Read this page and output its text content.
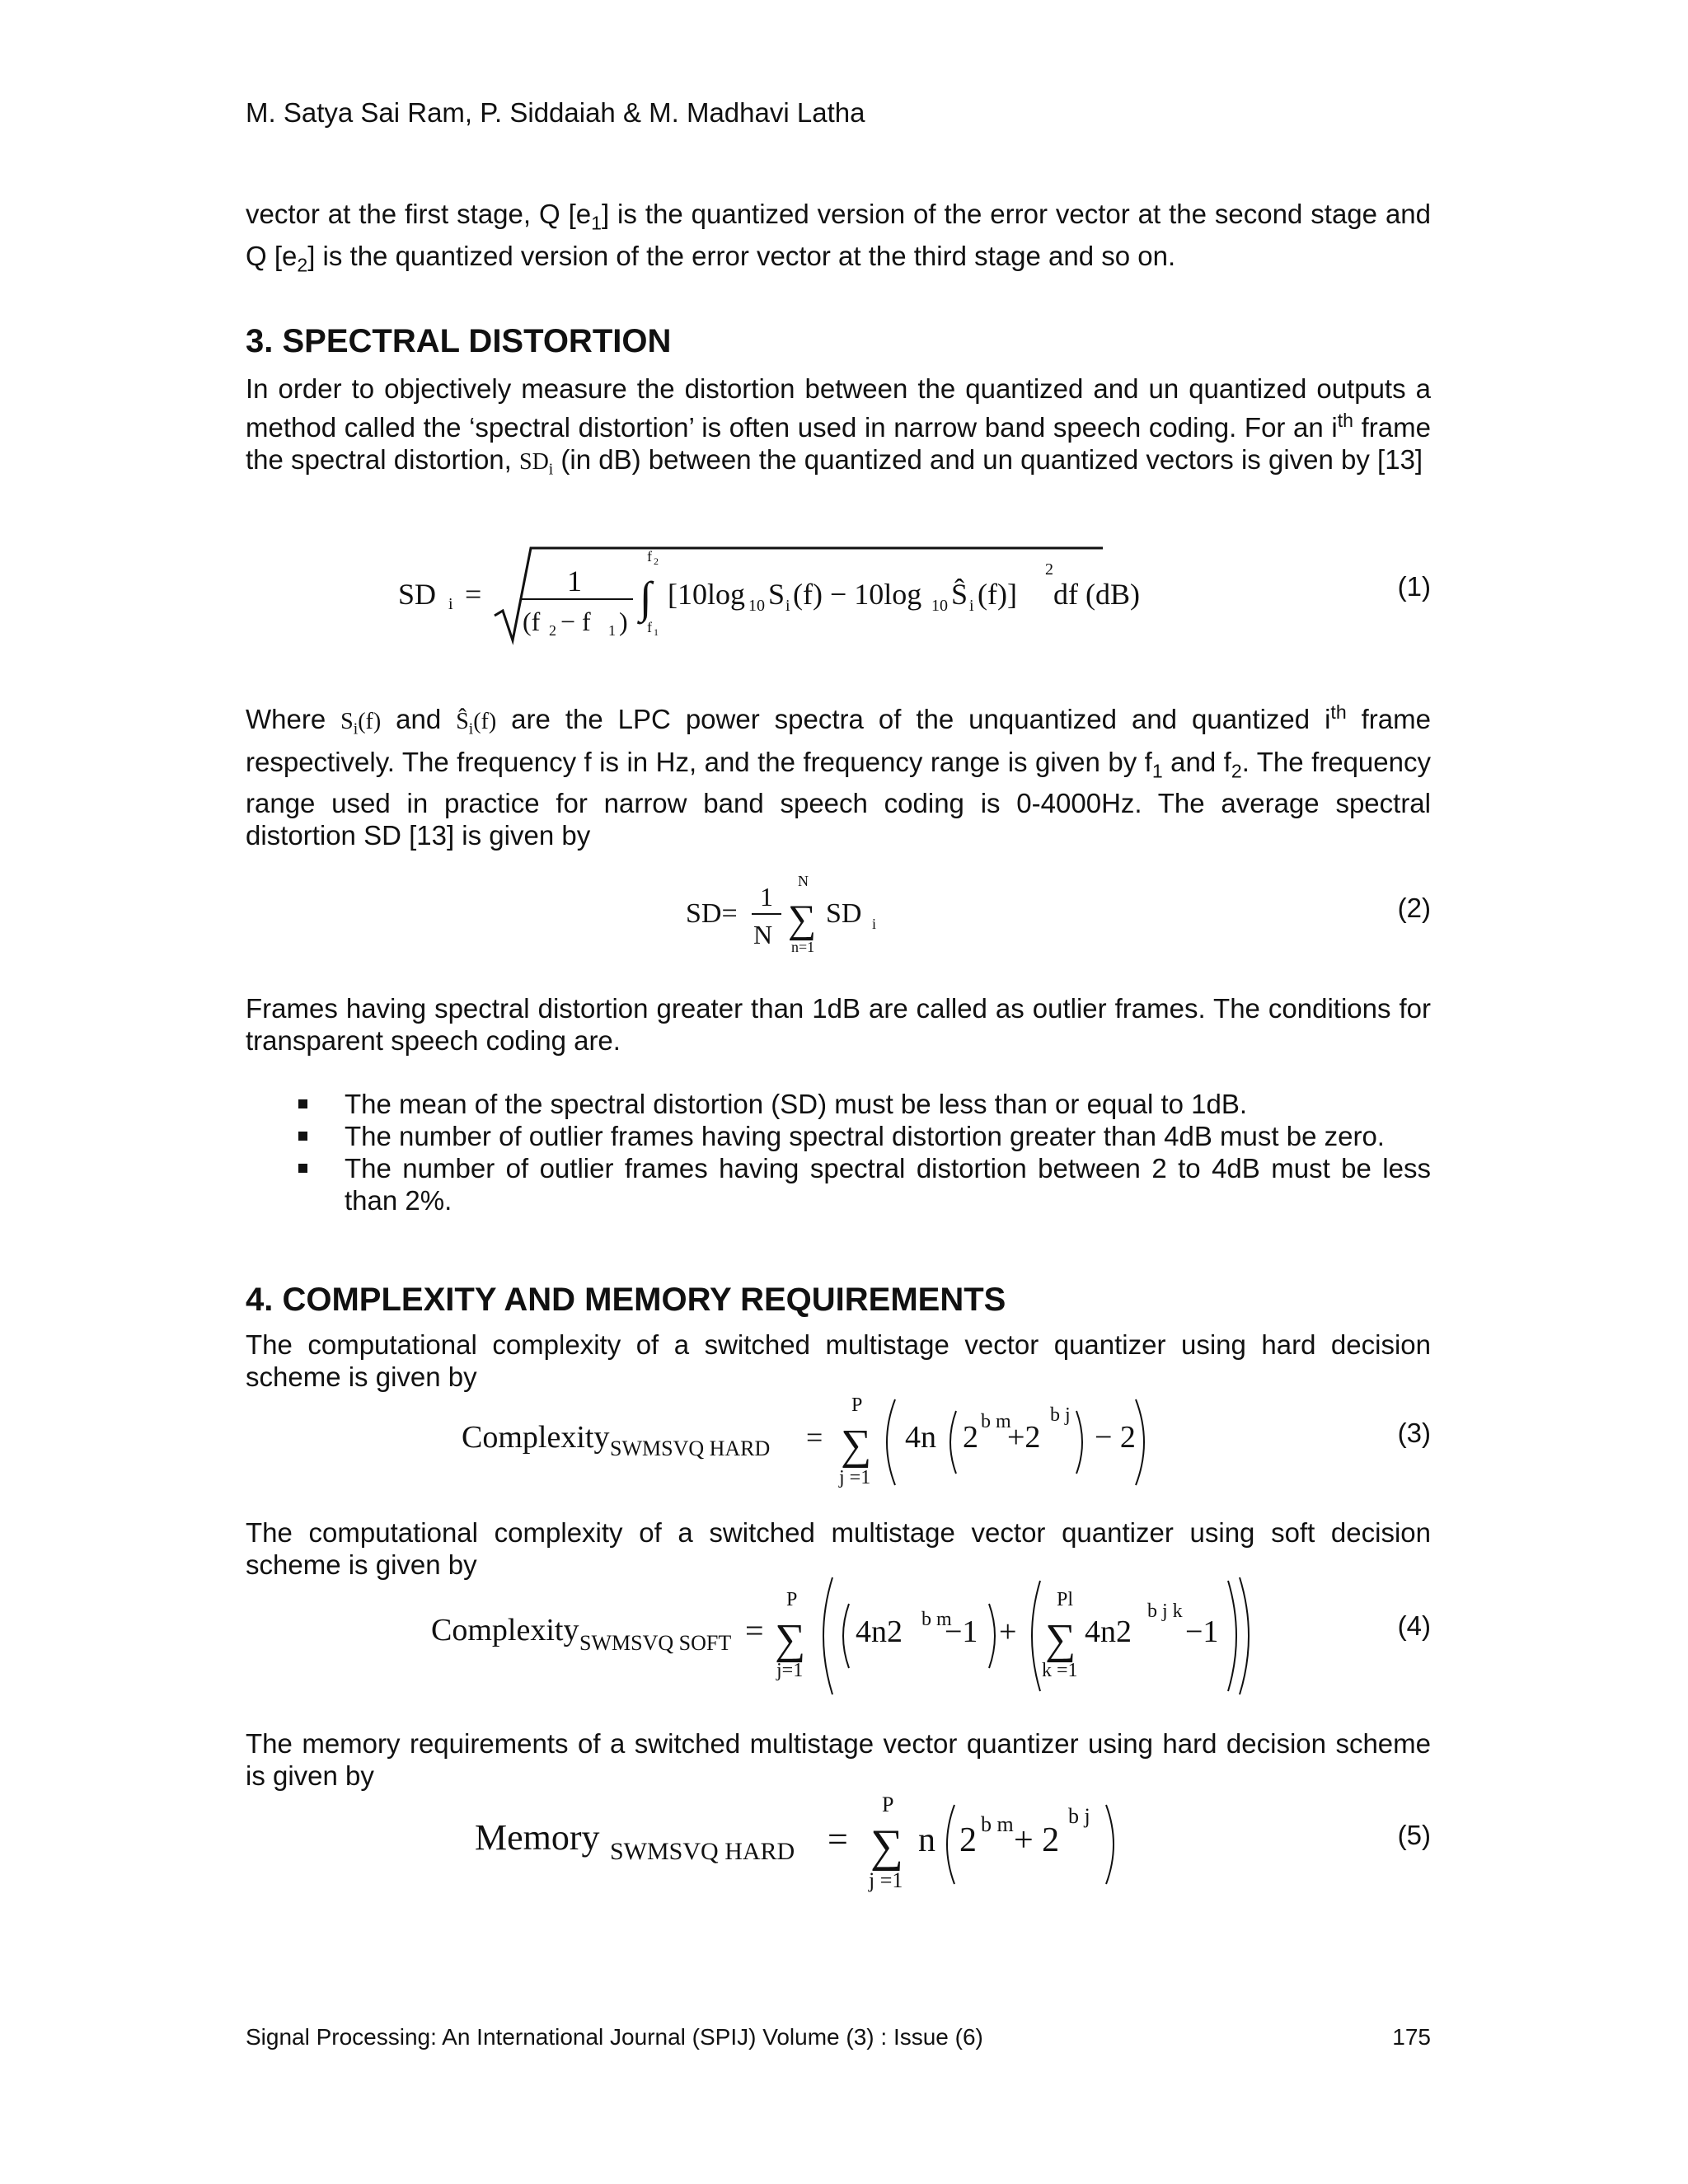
M. Satya Sai Ram, P. Siddaiah & M. Madhavi Latha

vector at the first stage, Q $[e_1]$ is the quantized version of the error vector at the second stage and Q $[e_2]$ is the quantized version of the error vector at the third stage and so on.

3. SPECTRAL DISTORTION

In order to objectively measure the distortion between the quantized and un quantized outputs a method called the ‘spectral distortion’ is often used in narrow band speech coding. For an $i^{th}$ frame the spectral distortion, $SD_i$ (in dB) between the quantized and un quantized vectors is given by [13]

SD i =	1
(f 2 − f 1 ) ∫
f 2
f 1
[10log 10 S i (f) − 10log 10 Ŝ i (f)]
2
df (dB)	(1)

Where $S_i(f)$ and $Ŝ_i(f)$ are the LPC power spectra of the unquantized and quantized $i^{th}$ frame respectively. The frequency f is in Hz, and the frequency range is given by $f_1$ and $f_2$. The frequency range used in practice for narrow band speech coding is 0-4000Hz. The average spectral distortion SD [13] is given by

SD=
1
N
N
∑
n=1
SD i
(2)

Frames having spectral distortion greater than 1dB are called as outlier frames. The conditions for transparent speech coding are.

The mean of the spectral distortion (SD) must be less than or equal to 1dB.
The number of outlier frames having spectral distortion greater than 4dB must be zero.
The number of outlier frames having spectral distortion between 2 to 4dB must be less than 2%.
4. COMPLEXITY AND MEMORY REQUIREMENTS

The computational complexity of a switched multistage vector quantizer using hard decision scheme is given by

Complexity SWMSVQ HARD =
P
∑
j =1
4n 2 b m
+2
b j
− 2	(3)

The computational complexity of a switched multistage vector quantizer using soft decision scheme is given by

Complexity SWMSVQ SOFT =
P
∑
j=1
4n2 b m
−1 +
Pl
∑
k =1
4n2
b j k
−1	(4)

The memory requirements of a switched multistage vector quantizer using hard decision scheme is given by

Memory SWMSVQ HARD =
P
∑
j =1
n 2 b m + 2
b j
(5)
Signal Processing: An International Journal (SPIJ) Volume (3) : Issue (6)	175
